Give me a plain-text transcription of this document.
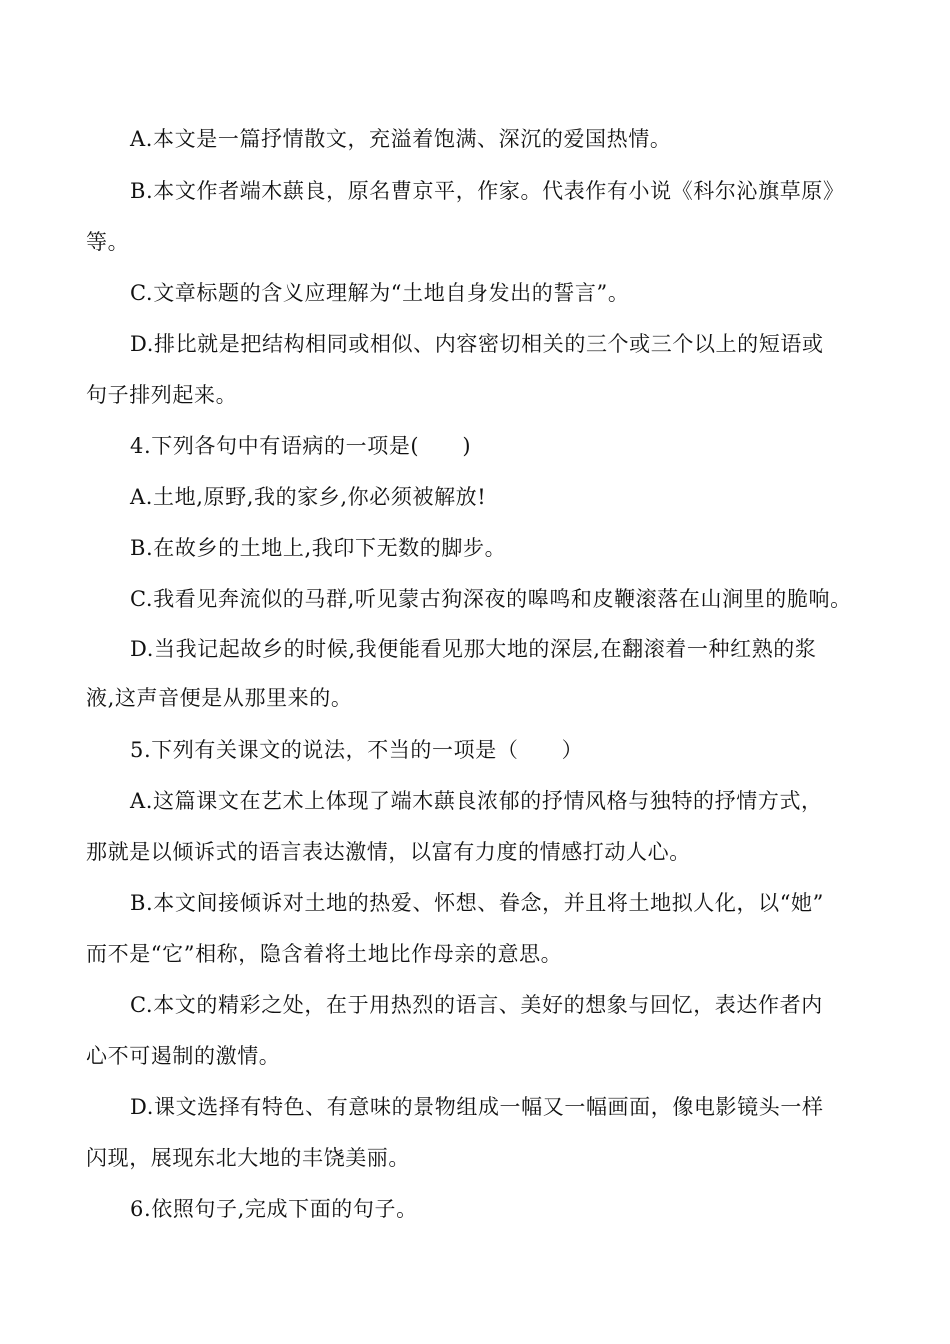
A.本文是一篇抒情散文，充溢着饱满、深沉的爱国热情。
B.本文作者端木蕻良，原名曹京平，作家。代表作有小说《科尔沁旗草原》
等。
C.文章标题的含义应理解为“土地自身发出的誓言”。
D.排比就是把结构相同或相似、内容密切相关的三个或三个以上的短语或
句子排列起来。
4.下列各句中有语病的一项是(　　)
A.土地,原野,我的家乡,你必须被解放!
B.在故乡的土地上,我印下无数的脚步。
C.我看见奔流似的马群,听见蒙古狗深夜的嗥鸣和皮鞭滚落在山涧里的脆响。
D.当我记起故乡的时候,我便能看见那大地的深层,在翻滚着一种红熟的浆
液,这声音便是从那里来的。
5.下列有关课文的说法，不当的一项是（　　）
A.这篇课文在艺术上体现了端木蕻良浓郁的抒情风格与独特的抒情方式，
那就是以倾诉式的语言表达激情，以富有力度的情感打动人心。
B.本文间接倾诉对土地的热爱、怀想、眷念，并且将土地拟人化，以“她”
而不是“它”相称，隐含着将土地比作母亲的意思。
C.本文的精彩之处，在于用热烈的语言、美好的想象与回忆，表达作者内
心不可遏制的激情。
D.课文选择有特色、有意味的景物组成一幅又一幅画面，像电影镜头一样
闪现，展现东北大地的丰饶美丽。
6.依照句子,完成下面的句子。
